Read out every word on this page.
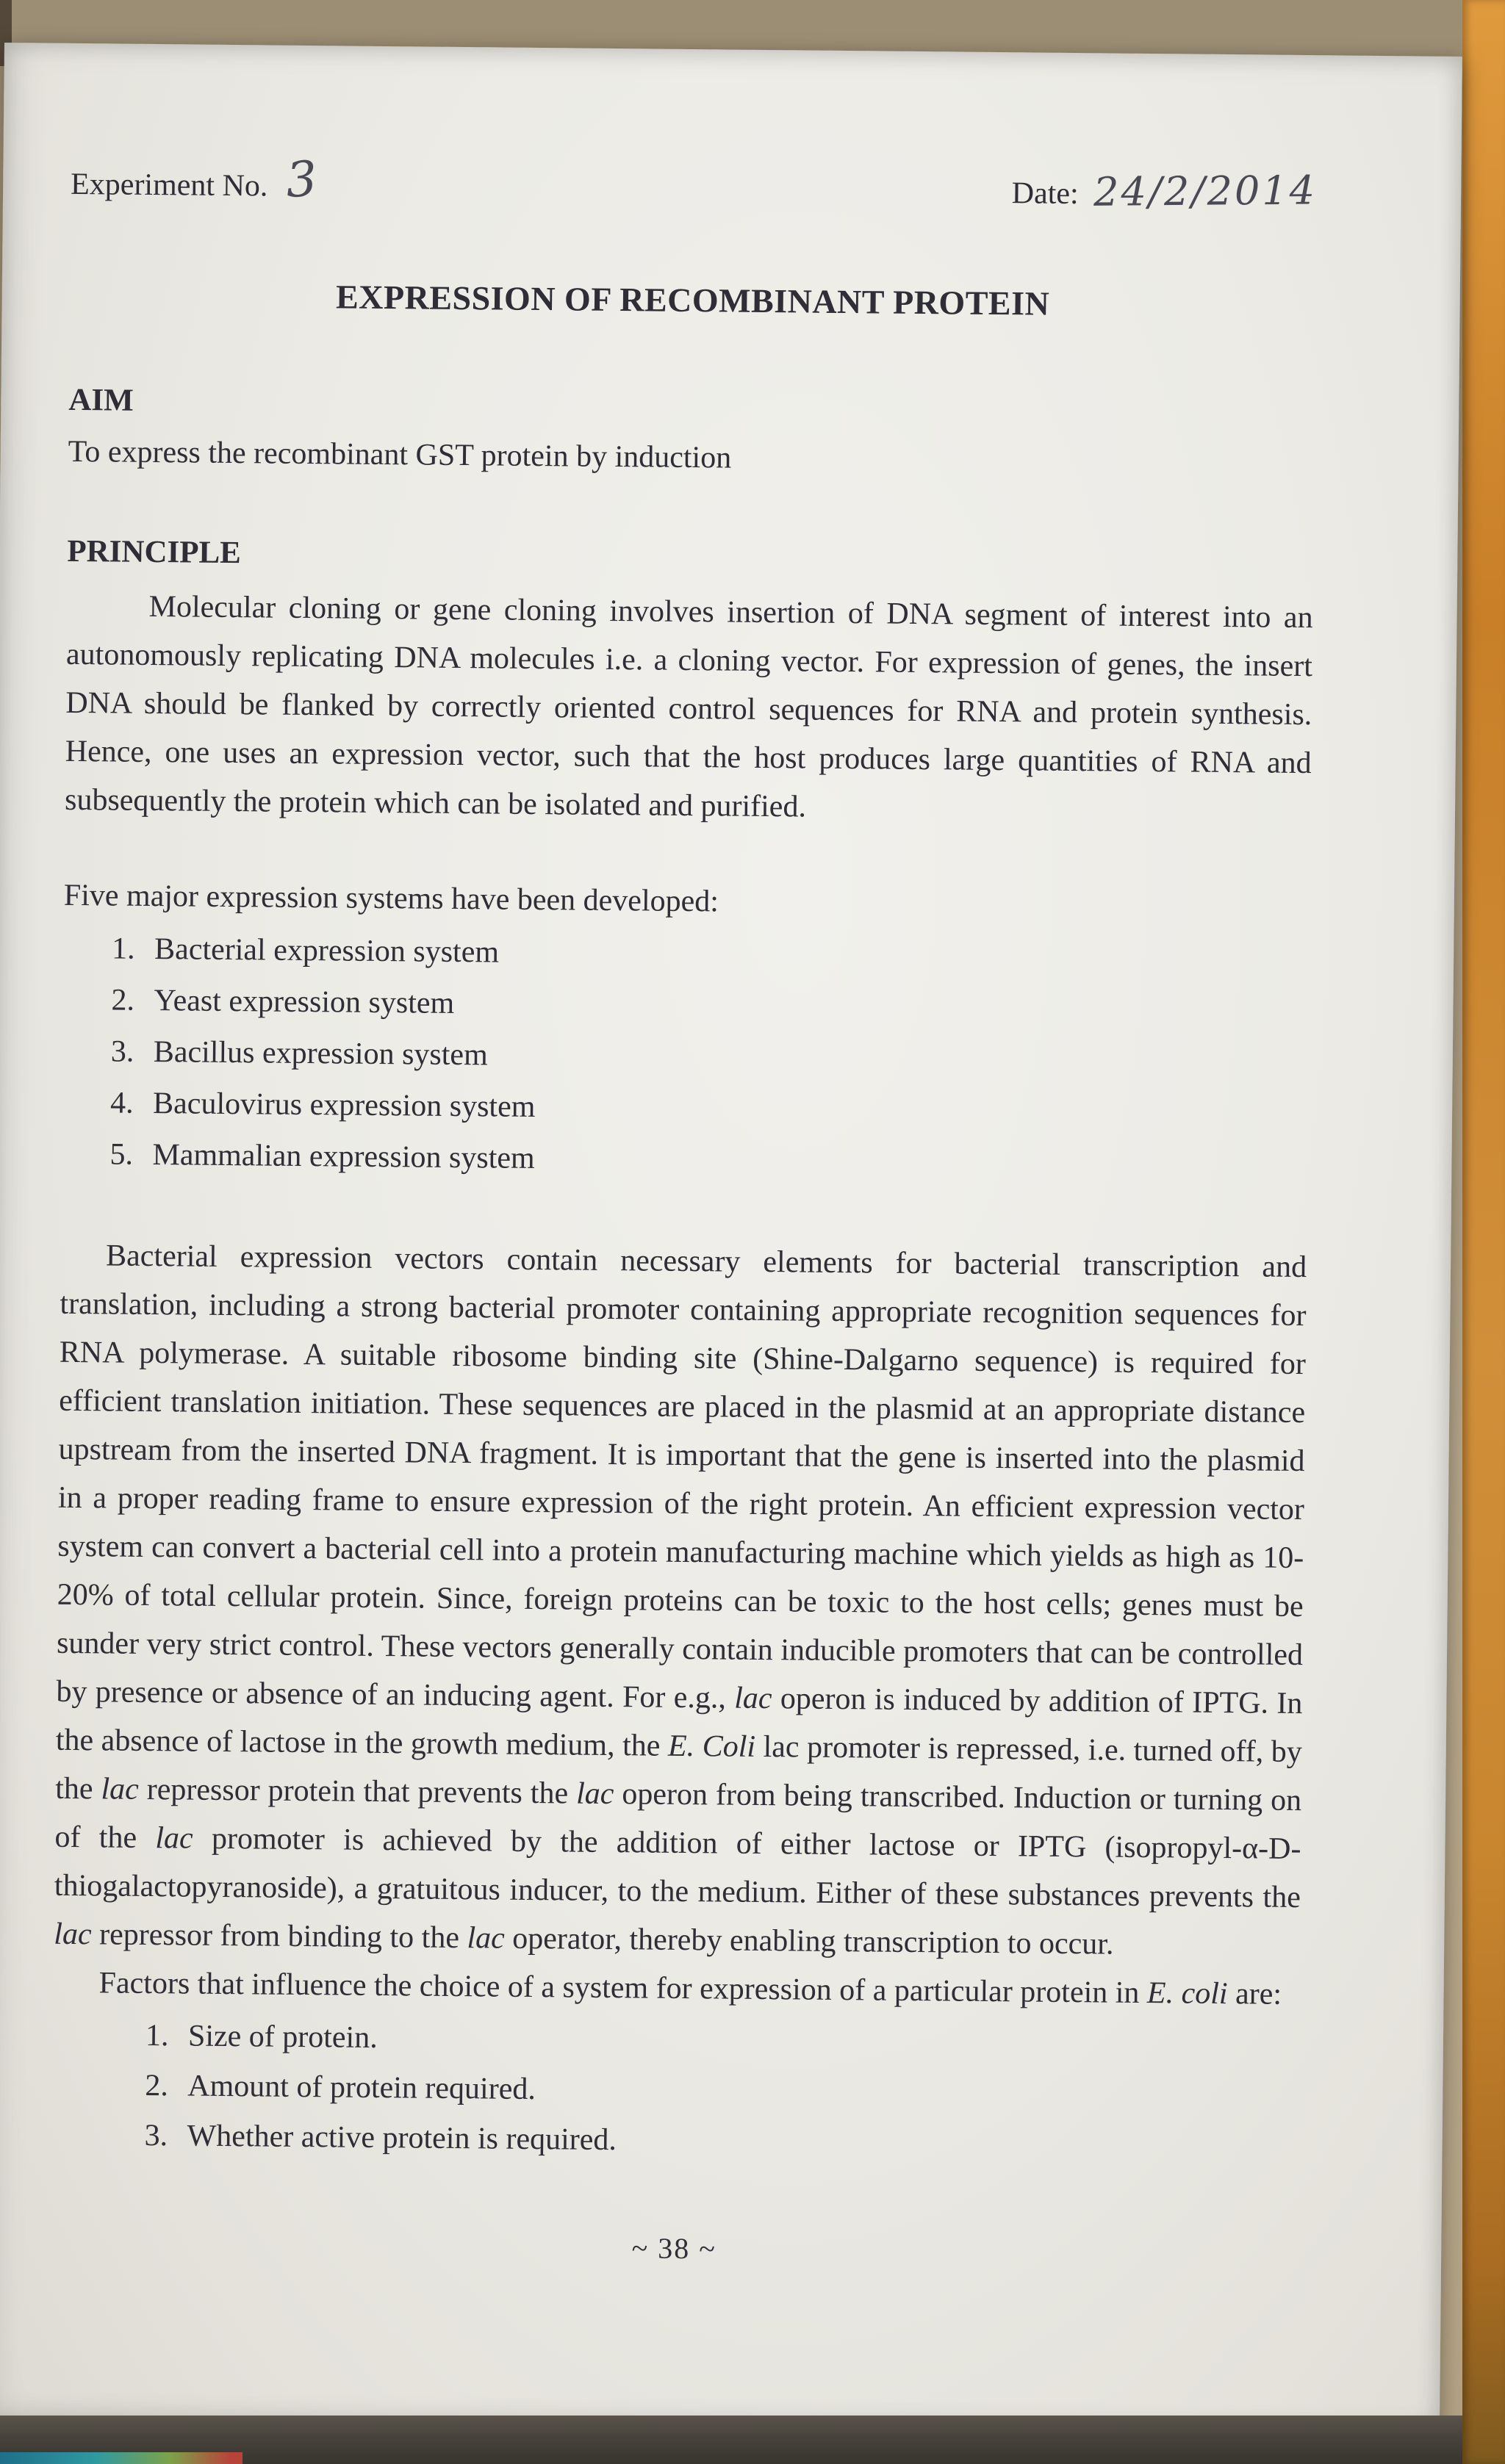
Experiment No. 3	Date: 24/2/2014
EXPRESSION OF RECOMBINANT PROTEIN
AIM

To express the recombinant GST protein by induction

PRINCIPLE

Molecular cloning or gene cloning involves insertion of DNA segment of interest into an autonomously replicating DNA molecules i.e. a cloning vector. For expression of genes, the insert DNA should be flanked by correctly oriented control sequences for RNA and protein synthesis. Hence, one uses an expression vector, such that the host produces large quantities of RNA and subsequently the protein which can be isolated and purified.

Five major expression systems have been developed:

1. Bacterial expression system
2. Yeast expression system
3. Bacillus expression system
4. Baculovirus expression system
5. Mammalian expression system

Bacterial expression vectors contain necessary elements for bacterial transcription and translation, including a strong bacterial promoter containing appropriate recognition sequences for RNA polymerase. A suitable ribosome binding site (Shine-Dalgarno sequence) is required for efficient translation initiation. These sequences are placed in the plasmid at an appropriate distance upstream from the inserted DNA fragment. It is important that the gene is inserted into the plasmid in a proper reading frame to ensure expression of the right protein. An efficient expression vector system can convert a bacterial cell into a protein manufacturing machine which yields as high as 10-20% of total cellular protein. Since, foreign proteins can be toxic to the host cells; genes must be sunder very strict control. These vectors generally contain inducible promoters that can be controlled by presence or absence of an inducing agent. For e.g., lac operon is induced by addition of IPTG. In the absence of lactose in the growth medium, the E. Coli lac promoter is repressed, i.e. turned off, by the lac repressor protein that prevents the lac operon from being transcribed. Induction or turning on of the lac promoter is achieved by the addition of either lactose or IPTG (isopropyl-α-D-thiogalactopyranoside), a gratuitous inducer, to the medium. Either of these substances prevents the lac repressor from binding to the lac operator, thereby enabling transcription to occur.

Factors that influence the choice of a system for expression of a particular protein in E. coli are:

1. Size of protein.
2. Amount of protein required.
3. Whether active protein is required.
~ 38 ~
